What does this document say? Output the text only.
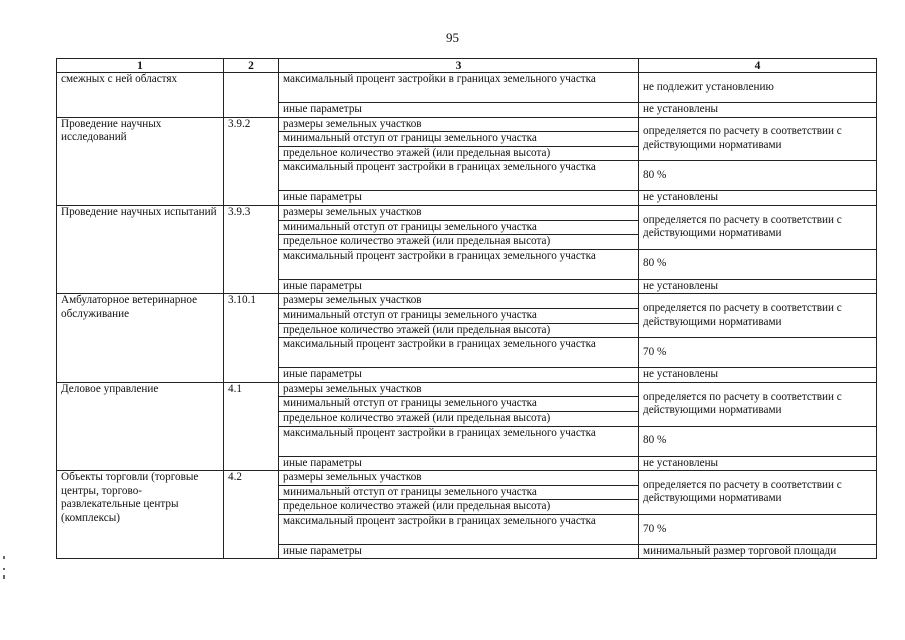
95
1	2	3	4
смежных с ней областях		максимальный процент застройки в границах земельного участка	не подлежит установлению
		иные параметры	не установлены
Проведение научных исследований	3.9.2	размеры земельных участков	определяется по расчету в соответствии с действующими нормативами
		минимальный отступ от границы земельного участка	
		предельное количество этажей (или предельная высота)	
		максимальный процент застройки в границах земельного участка	80 %
		иные параметры	не установлены
Проведение научных испытаний	3.9.3	размеры земельных участков	определяется по расчету в соответствии с действующими нормативами
		минимальный отступ от границы земельного участка	
		предельное количество этажей (или предельная высота)	
		максимальный процент застройки в границах земельного участка	80 %
		иные параметры	не установлены
Амбулаторное ветеринарное обслуживание	3.10.1	размеры земельных участков	определяется по расчету в соответствии с действующими нормативами
		минимальный отступ от границы земельного участка	
		предельное количество этажей (или предельная высота)	
		максимальный процент застройки в границах земельного участка	70 %
		иные параметры	не установлены
Деловое управление	4.1	размеры земельных участков	определяется по расчету в соответствии с действующими нормативами
		минимальный отступ от границы земельного участка	
		предельное количество этажей (или предельная высота)	
		максимальный процент застройки в границах земельного участка	80 %
		иные параметры	не установлены
Объекты торговли (торговые центры, торгово-развлекательные центры (комплексы)	4.2	размеры земельных участков	определяется по расчету в соответствии с действующими нормативами
		минимальный отступ от границы земельного участка	
		предельное количество этажей (или предельная высота)	
		максимальный процент застройки в границах земельного участка	70 %
		иные параметры	минимальный размер торговой площади
